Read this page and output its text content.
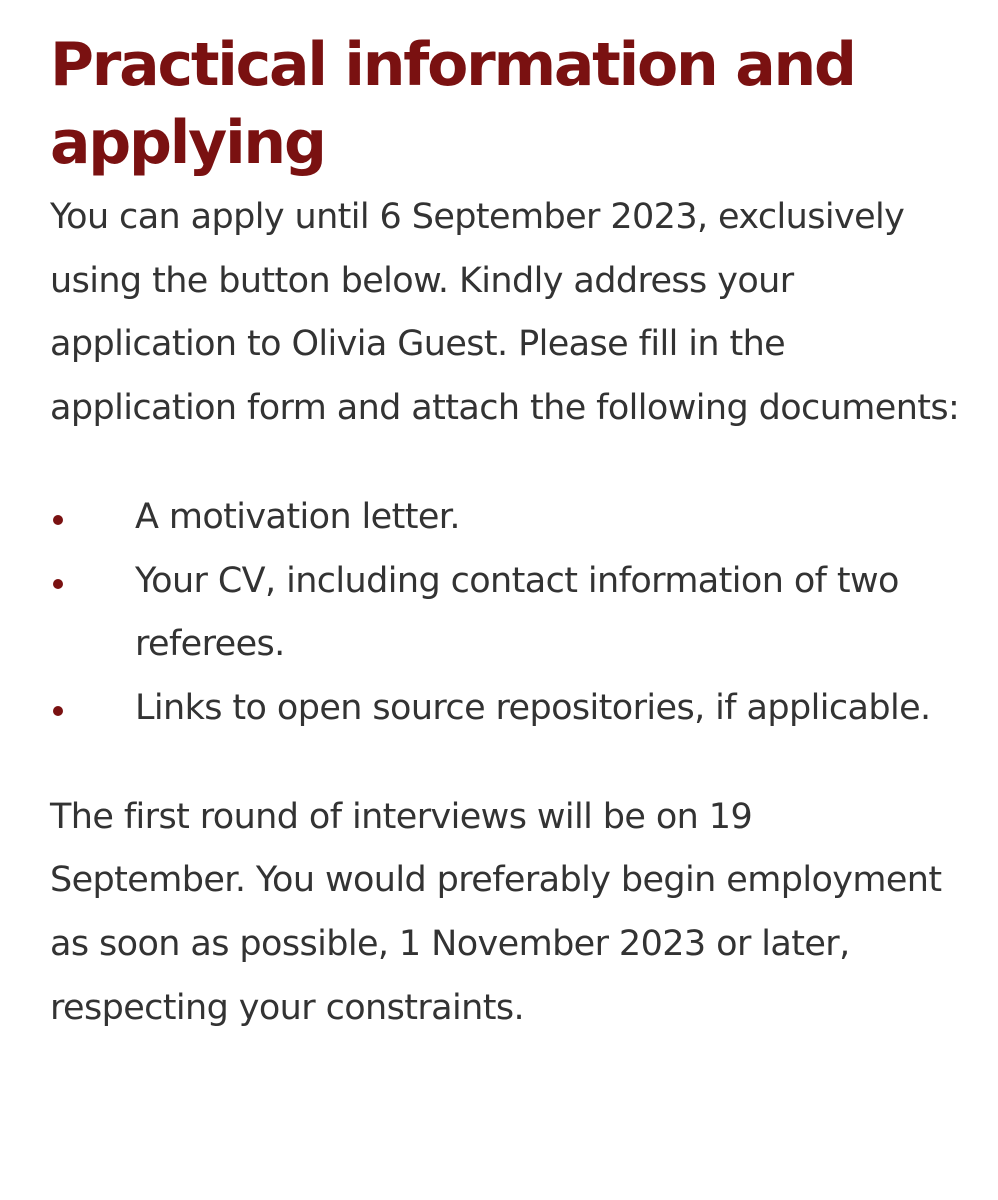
Practical information and applying

You can apply until 6 September 2023, exclusively using the button below. Kindly address your application to Olivia Guest. Please fill in the application form and attach the following documents:

A motivation letter.
Your CV, including contact information of two referees.
Links to open source repositories, if applicable.

The first round of interviews will be on 19 September. You would preferably begin employment as soon as possible, 1 November 2023 or later, respecting your constraints.
